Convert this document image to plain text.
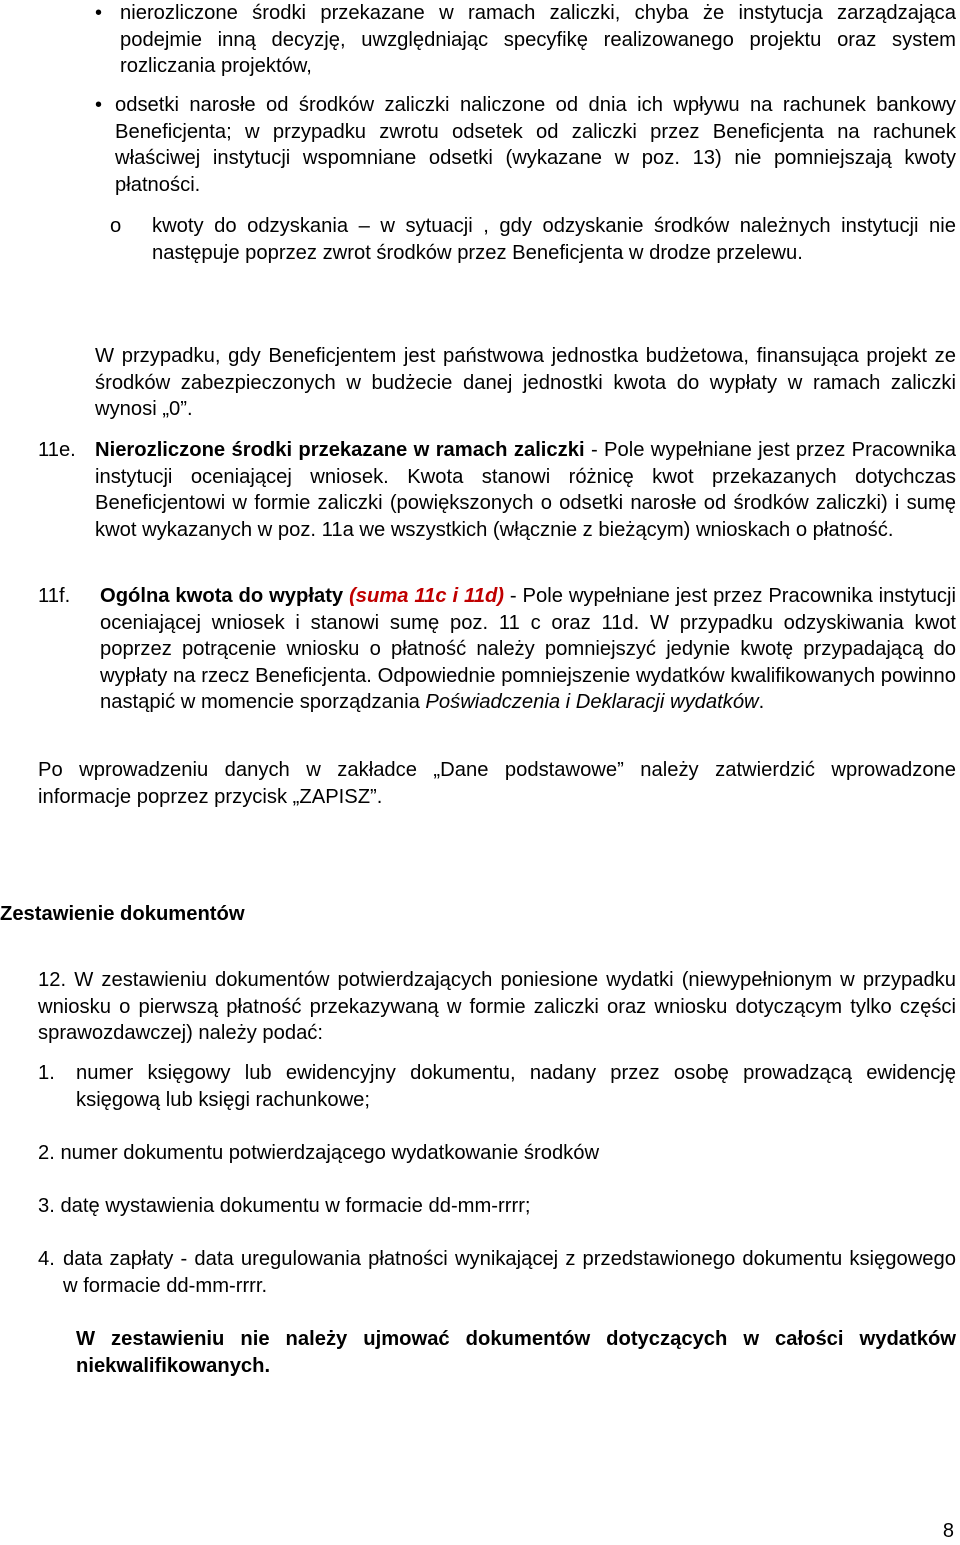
• nierozliczone środki przekazane w ramach zaliczki, chyba że instytucja zarządzająca podejmie inną decyzję, uwzględniając specyfikę realizowanego projektu oraz system rozliczania projektów,

• odsetki narosłe od środków zaliczki naliczone od dnia ich wpływu na rachunek bankowy Beneficjenta; w przypadku zwrotu odsetek od zaliczki przez Beneficjenta na rachunek właściwej instytucji wspomniane odsetki (wykazane w poz. 13) nie pomniejszają kwoty płatności.

o kwoty do odzyskania – w sytuacji , gdy odzyskanie środków należnych instytucji nie następuje poprzez zwrot środków przez Beneficjenta w drodze przelewu.

W przypadku, gdy Beneficjentem jest państwowa jednostka budżetowa, finansująca projekt ze środków zabezpieczonych w budżecie danej jednostki kwota do wypłaty w ramach zaliczki wynosi „0”.

11e. Nierozliczone środki przekazane w ramach zaliczki - Pole wypełniane jest przez Pracownika instytucji oceniającej wniosek. Kwota stanowi różnicę kwot przekazanych dotychczas Beneficjentowi w formie zaliczki (powiększonych o odsetki narosłe od środków zaliczki) i sumę kwot wykazanych w poz. 11a we wszystkich (włącznie z bieżącym) wnioskach o płatność.

11f. Ogólna kwota do wypłaty (suma 11c i 11d) - Pole wypełniane jest przez Pracownika instytucji oceniającej wniosek i stanowi sumę poz. 11 c oraz 11d. W przypadku odzyskiwania kwot poprzez potrącenie wniosku o płatność należy pomniejszyć jedynie kwotę przypadającą do wypłaty na rzecz Beneficjenta. Odpowiednie pomniejszenie wydatków kwalifikowanych powinno nastąpić w momencie sporządzania Poświadczenia i Deklaracji wydatków.

Po wprowadzeniu danych w zakładce „Dane podstawowe” należy zatwierdzić wprowadzone informacje poprzez przycisk „ZAPISZ”.

Zestawienie dokumentów

12. W zestawieniu dokumentów potwierdzających poniesione wydatki (niewypełnionym w przypadku wniosku o pierwszą płatność przekazywaną w formie zaliczki oraz wniosku dotyczącym tylko części sprawozdawczej) należy podać:

1. numer księgowy lub ewidencyjny dokumentu, nadany przez osobę prowadzącą ewidencję księgową lub księgi rachunkowe;

2. numer dokumentu potwierdzającego wydatkowanie środków

3. datę wystawienia dokumentu w formacie dd-mm-rrrr;

4. data zapłaty - data uregulowania płatności wynikającej z przedstawionego dokumentu księgowego w formacie dd-mm-rrrr.

W zestawieniu nie należy ujmować dokumentów dotyczących w całości wydatków niekwalifikowanych.

8
